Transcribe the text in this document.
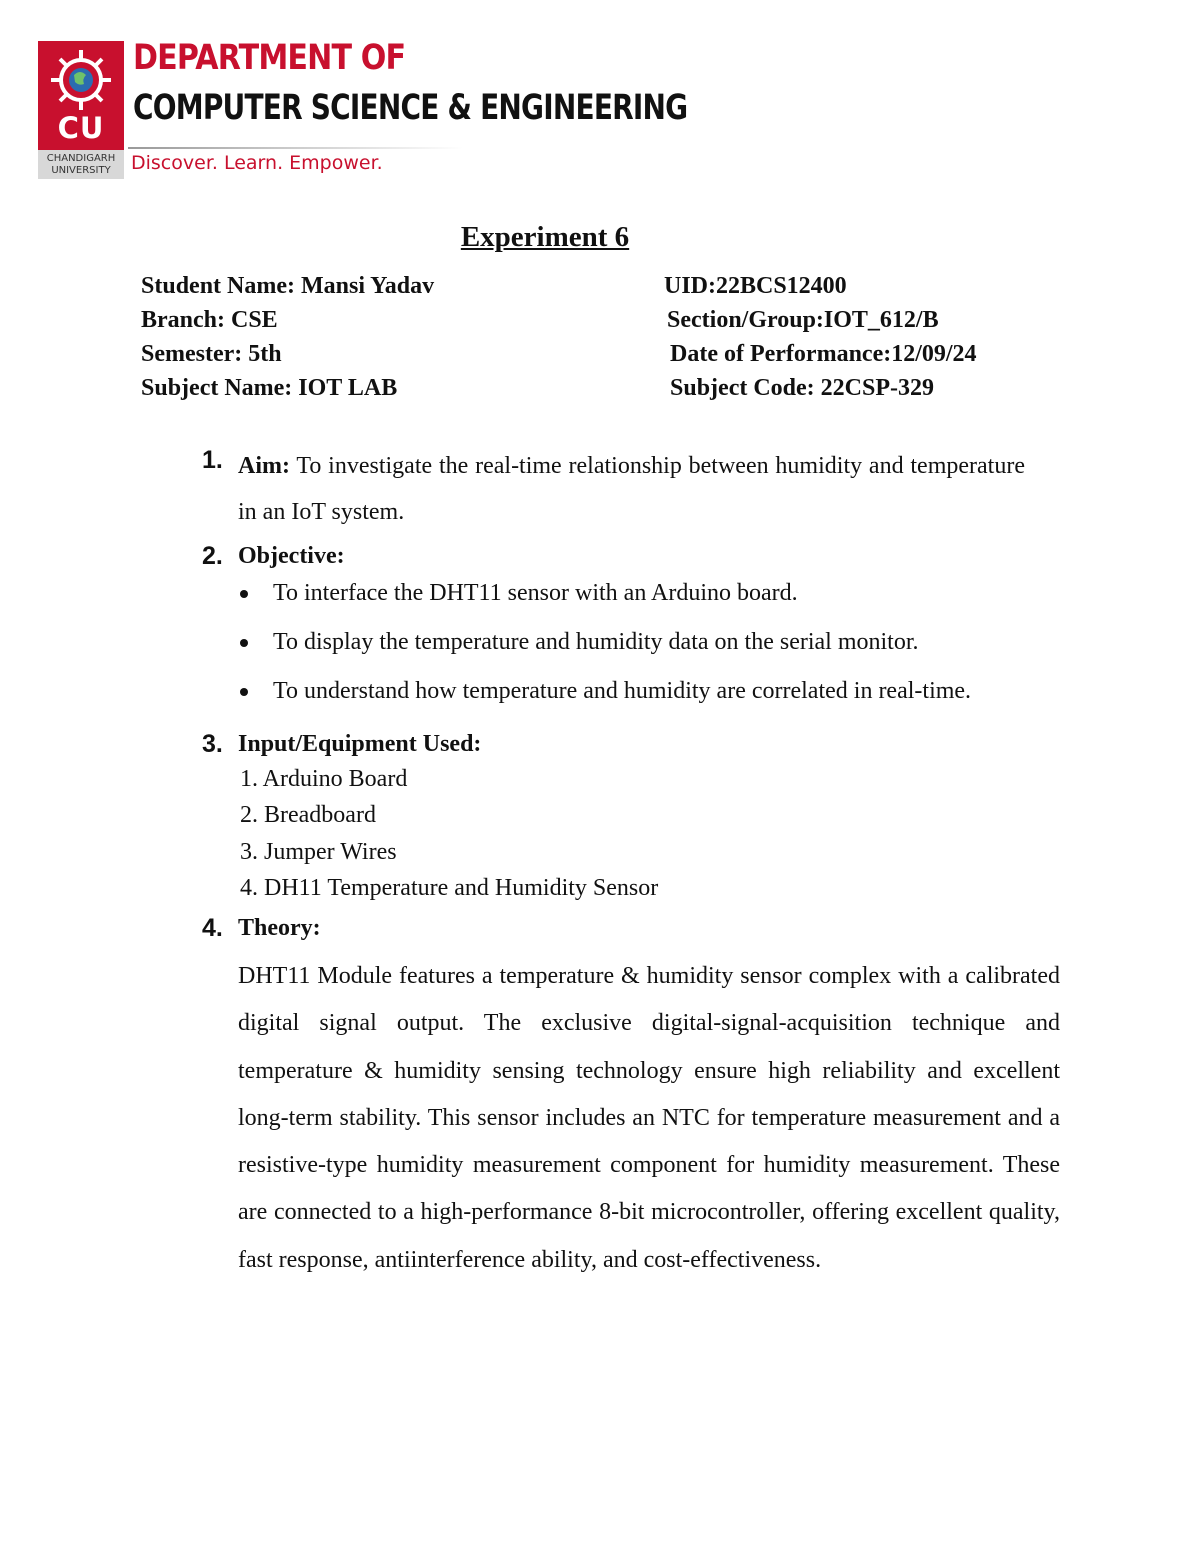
CU
CHANDIGARH
UNIVERSITY
DEPARTMENT OF
COMPUTER SCIENCE & ENGINEERING
Discover. Learn. Empower.
Experiment 6
Student Name: Mansi Yadav	UID:22BCS12400
Branch: CSE	Section/Group:IOT_612/B
Semester: 5th	Date of Performance:12/09/24
Subject Name: IOT LAB	Subject Code: 22CSP-329
1. Aim: To investigate the real-time relationship between humidity and temperature in an IoT system.
2. Objective:
To interface the DHT11 sensor with an Arduino board.
To display the temperature and humidity data on the serial monitor.
To understand how temperature and humidity are correlated in real-time.
3. Input/Equipment Used:
1. Arduino Board
2. Breadboard
3. Jumper Wires
4. DH11 Temperature and Humidity Sensor
4. Theory:
DHT11 Module features a temperature & humidity sensor complex with a calibrated digital signal output. The exclusive digital-signal-acquisition technique and temperature & humidity sensing technology ensure high reliability and excellent long-term stability. This sensor includes an NTC for temperature measurement and a resistive-type humidity measurement component for humidity measurement. These are connected to a high-performance 8-bit microcontroller, offering excellent quality, fast response, antiinterference ability, and cost-effectiveness.
